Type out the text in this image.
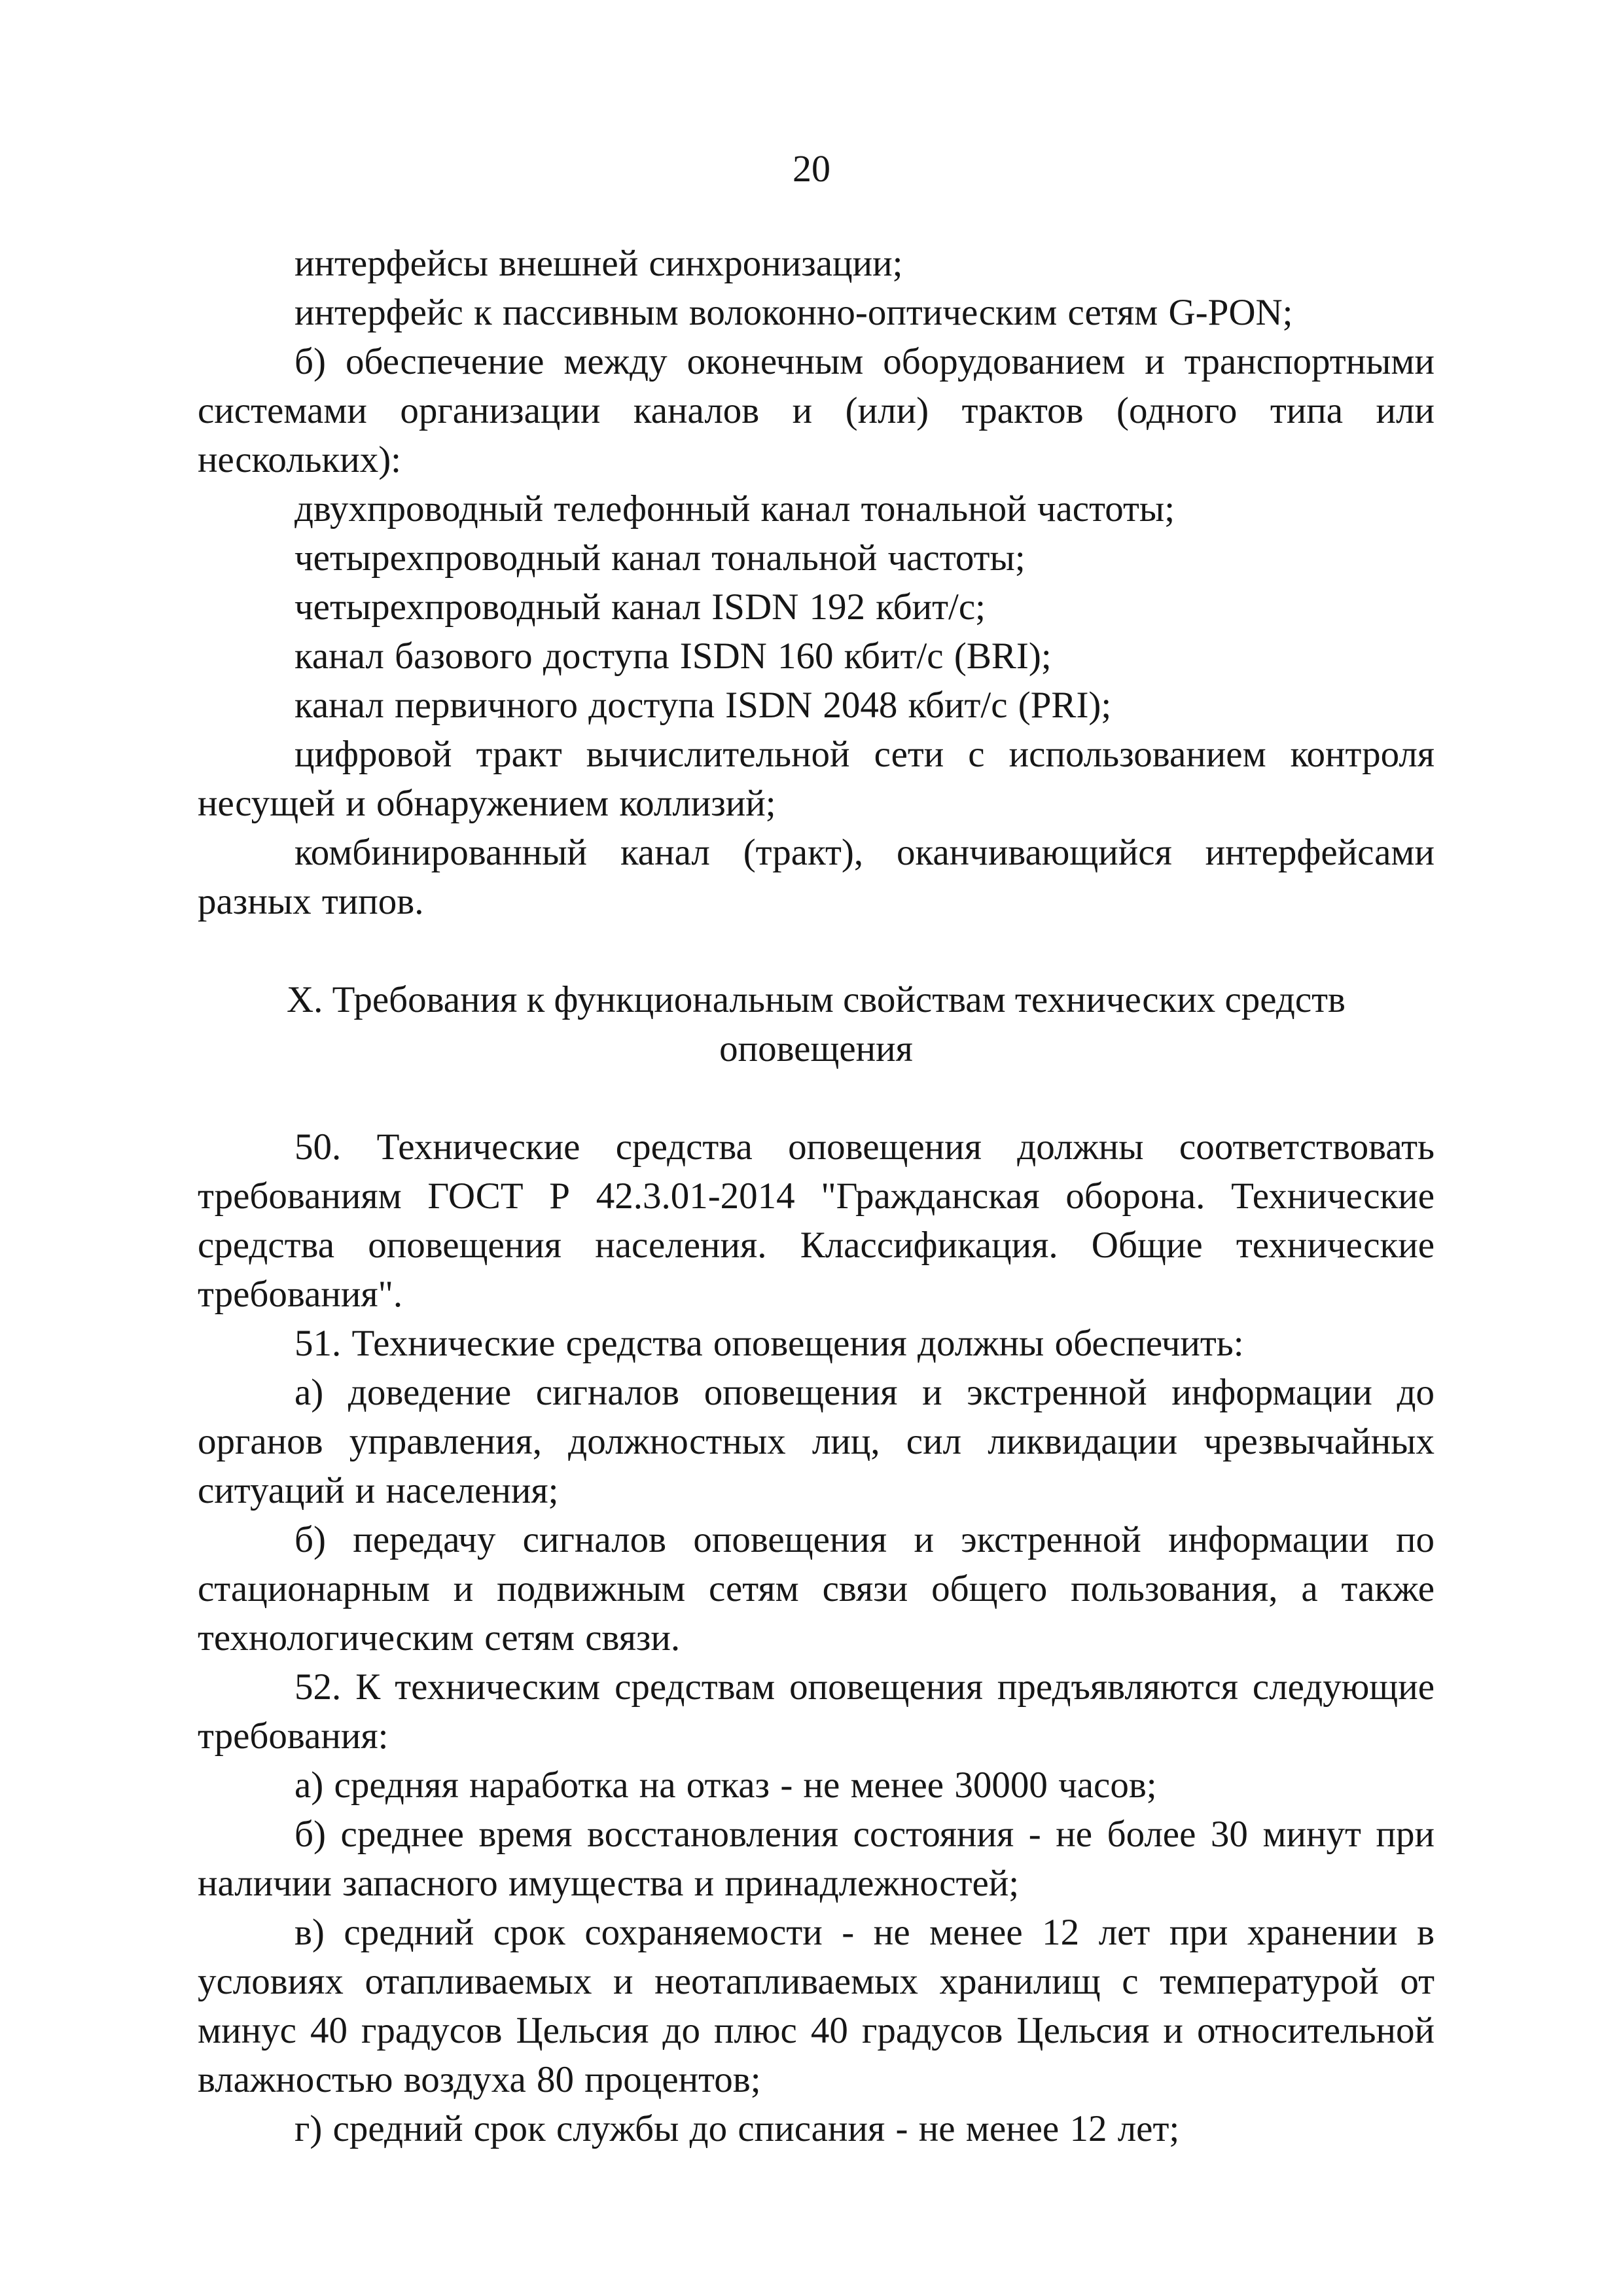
20

интерфейсы внешней синхронизации;

интерфейс к пассивным волоконно-оптическим сетям G-PON;

б) обеспечение между оконечным оборудованием и транспортными системами организации каналов и (или) трактов (одного типа или нескольких):

двухпроводный телефонный канал тональной частоты;

четырехпроводный канал тональной частоты;

четырехпроводный канал ISDN 192 кбит/с;

канал базового доступа ISDN 160 кбит/с (BRI);

канал первичного доступа ISDN 2048 кбит/с (PRI);

цифровой тракт вычислительной сети с использованием контроля несущей и обнаружением коллизий;

комбинированный канал (тракт), оканчивающийся интерфейсами разных типов.

X. Требования к функциональным свойствам технических средств
оповещения

50. Технические средства оповещения должны соответствовать требованиям ГОСТ Р 42.3.01-2014 "Гражданская оборона. Технические средства оповещения населения. Классификация. Общие технические требования".

51. Технические средства оповещения должны обеспечить:

а) доведение сигналов оповещения и экстренной информации до органов управления, должностных лиц, сил ликвидации чрезвычайных ситуаций и населения;

б) передачу сигналов оповещения и экстренной информации по стационарным и подвижным сетям связи общего пользования, а также технологическим сетям связи.

52. К техническим средствам оповещения предъявляются следующие требования:

а) средняя наработка на отказ - не менее 30000 часов;

б) среднее время восстановления состояния - не более 30 минут при наличии запасного имущества и принадлежностей;

в) средний срок сохраняемости - не менее 12 лет при хранении в условиях отапливаемых и неотапливаемых хранилищ с температурой от минус 40 градусов Цельсия до плюс 40 градусов Цельсия и относительной влажностью воздуха 80 процентов;

г) средний срок службы до списания - не менее 12 лет;
